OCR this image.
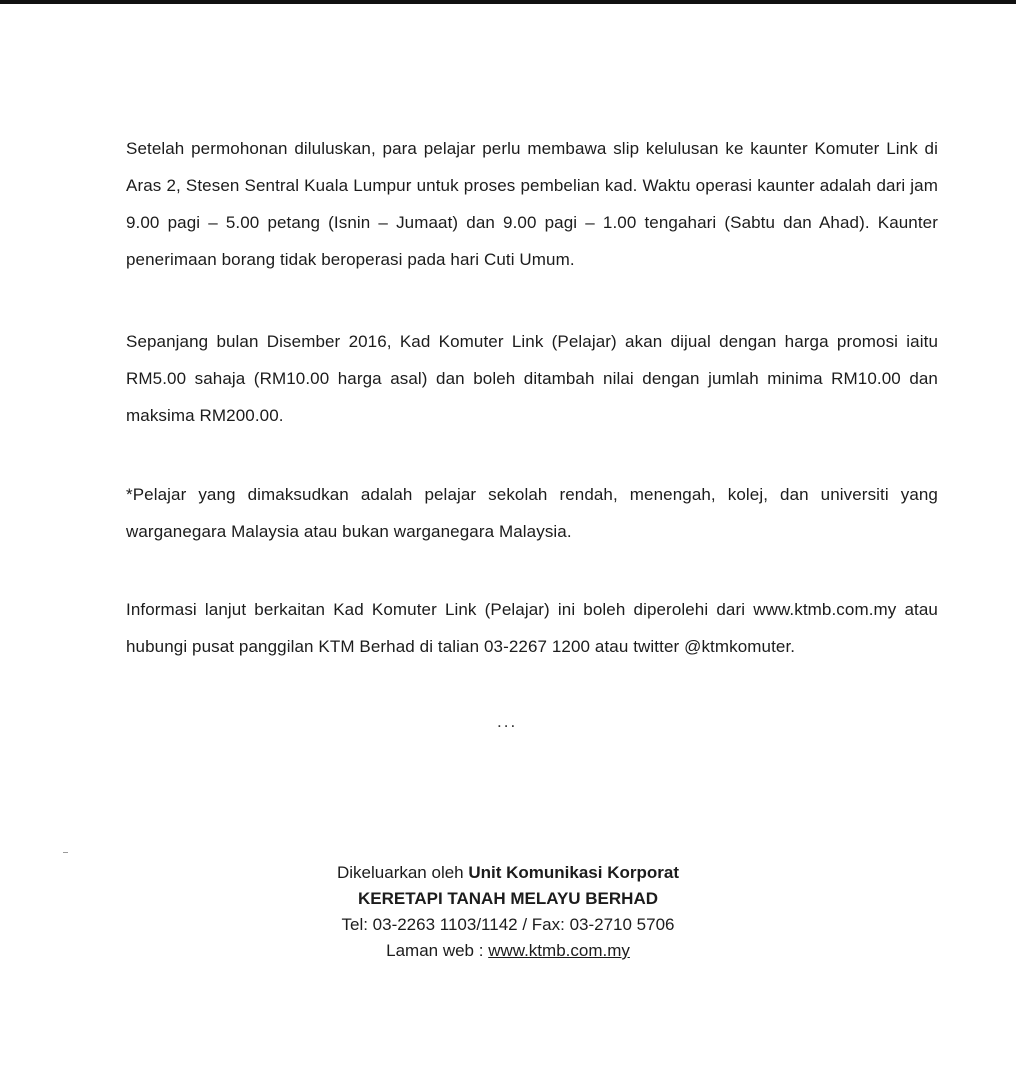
Setelah permohonan diluluskan, para pelajar perlu membawa slip kelulusan ke kaunter Komuter Link di Aras 2, Stesen Sentral Kuala Lumpur untuk proses pembelian kad. Waktu operasi kaunter adalah dari jam 9.00 pagi – 5.00 petang (Isnin – Jumaat) dan 9.00 pagi – 1.00 tengahari (Sabtu dan Ahad). Kaunter penerimaan borang tidak beroperasi pada hari Cuti Umum.

Sepanjang bulan Disember 2016, Kad Komuter Link (Pelajar) akan dijual dengan harga promosi iaitu RM5.00 sahaja (RM10.00 harga asal) dan boleh ditambah nilai dengan jumlah minima RM10.00 dan maksima RM200.00.

*Pelajar yang dimaksudkan adalah pelajar sekolah rendah, menengah, kolej, dan universiti yang warganegara Malaysia atau bukan warganegara Malaysia.

Informasi lanjut berkaitan Kad Komuter Link (Pelajar) ini boleh diperolehi dari www.ktmb.com.my atau hubungi pusat panggilan KTM Berhad di talian 03-2267 1200 atau twitter @ktmkomuter.

...
Dikeluarkan oleh Unit Komunikasi Korporat
KERETAPI TANAH MELAYU BERHAD
Tel: 03-2263 1103/1142 / Fax: 03-2710 5706
Laman web : www.ktmb.com.my
